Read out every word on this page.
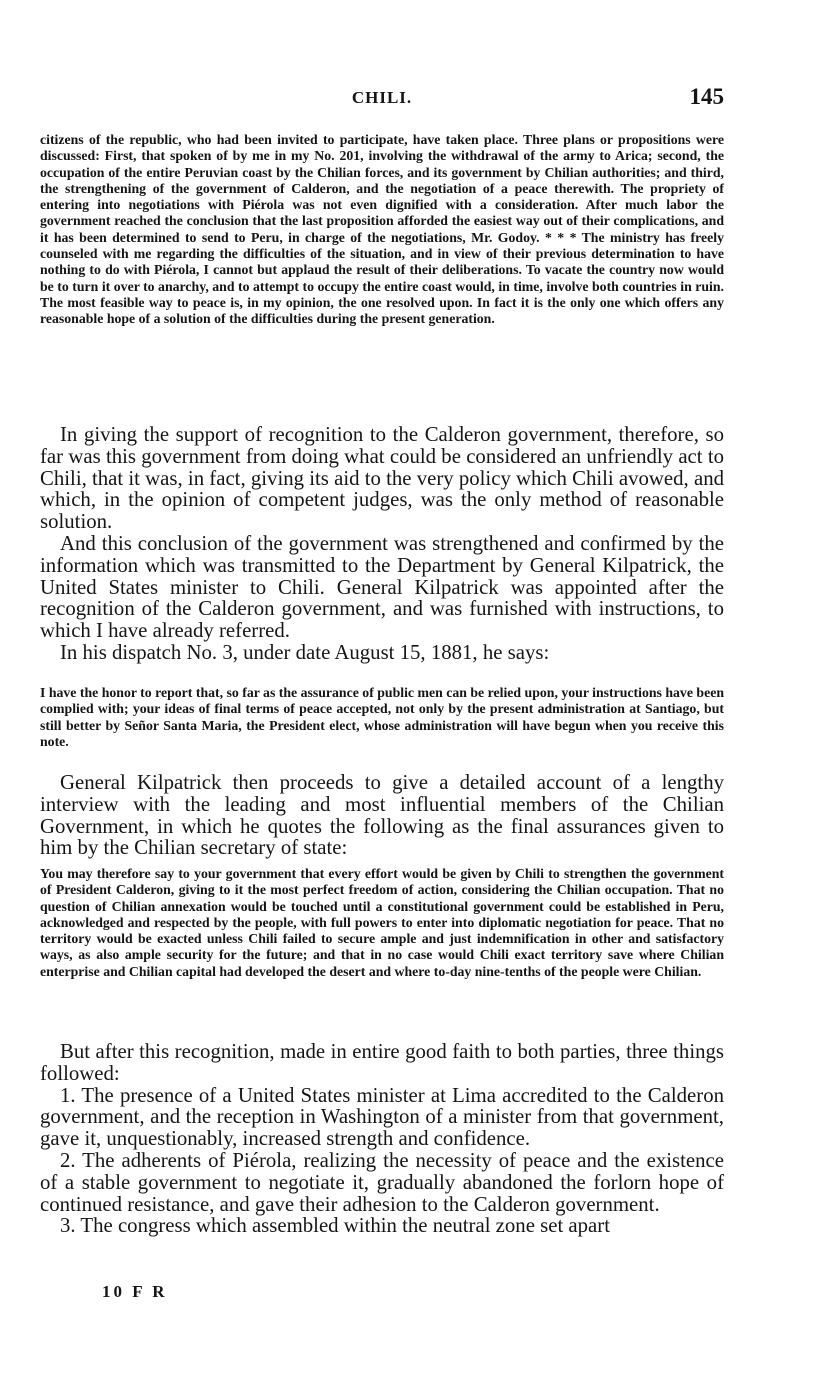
CHILI.	145

citizens of the republic, who had been invited to participate, have taken place. Three plans or propositions were discussed: First, that spoken of by me in my No. 201, involving the withdrawal of the army to Arica; second, the occupation of the entire Peruvian coast by the Chilian forces, and its government by Chilian authorities; and third, the strengthening of the government of Calderon, and the negotiation of a peace therewith. The propriety of entering into negotiations with Piérola was not even dignified with a consideration. After much labor the government reached the conclusion that the last proposition afforded the easiest way out of their complications, and it has been determined to send to Peru, in charge of the negotiations, Mr. Godoy. * * * The ministry has freely counseled with me regarding the difficulties of the situation, and in view of their previous determination to have nothing to do with Piérola, I cannot but applaud the result of their deliberations. To vacate the country now would be to turn it over to anarchy, and to attempt to occupy the entire coast would, in time, involve both countries in ruin. The most feasible way to peace is, in my opinion, the one resolved upon. In fact it is the only one which offers any reasonable hope of a solution of the difficulties during the present generation.

In giving the support of recognition to the Calderon government, therefore, so far was this government from doing what could be considered an unfriendly act to Chili, that it was, in fact, giving its aid to the very policy which Chili avowed, and which, in the opinion of competent judges, was the only method of reasonable solution.

And this conclusion of the government was strengthened and confirmed by the information which was transmitted to the Department by General Kilpatrick, the United States minister to Chili. General Kilpatrick was appointed after the recognition of the Calderon government, and was furnished with instructions, to which I have already referred.

In his dispatch No. 3, under date August 15, 1881, he says:

I have the honor to report that, so far as the assurance of public men can be relied upon, your instructions have been complied with; your ideas of final terms of peace accepted, not only by the present administration at Santiago, but still better by Señor Santa Maria, the President elect, whose administration will have begun when you receive this note.

General Kilpatrick then proceeds to give a detailed account of a lengthy interview with the leading and most influential members of the Chilian Government, in which he quotes the following as the final assurances given to him by the Chilian secretary of state:

You may therefore say to your government that every effort would be given by Chili to strengthen the government of President Calderon, giving to it the most perfect freedom of action, considering the Chilian occupation. That no question of Chilian annexation would be touched until a constitutional government could be established in Peru, acknowledged and respected by the people, with full powers to enter into diplomatic negotiation for peace. That no territory would be exacted unless Chili failed to secure ample and just indemnification in other and satisfactory ways, as also ample security for the future; and that in no case would Chili exact territory save where Chilian enterprise and Chilian capital had developed the desert and where to-day nine-tenths of the people were Chilian.

But after this recognition, made in entire good faith to both parties, three things followed:

1. The presence of a United States minister at Lima accredited to the Calderon government, and the reception in Washington of a minister from that government, gave it, unquestionably, increased strength and confidence.

2. The adherents of Piérola, realizing the necessity of peace and the existence of a stable government to negotiate it, gradually abandoned the forlorn hope of continued resistance, and gave their adhesion to the Calderon government.

3. The congress which assembled within the neutral zone set apart

10 F R
